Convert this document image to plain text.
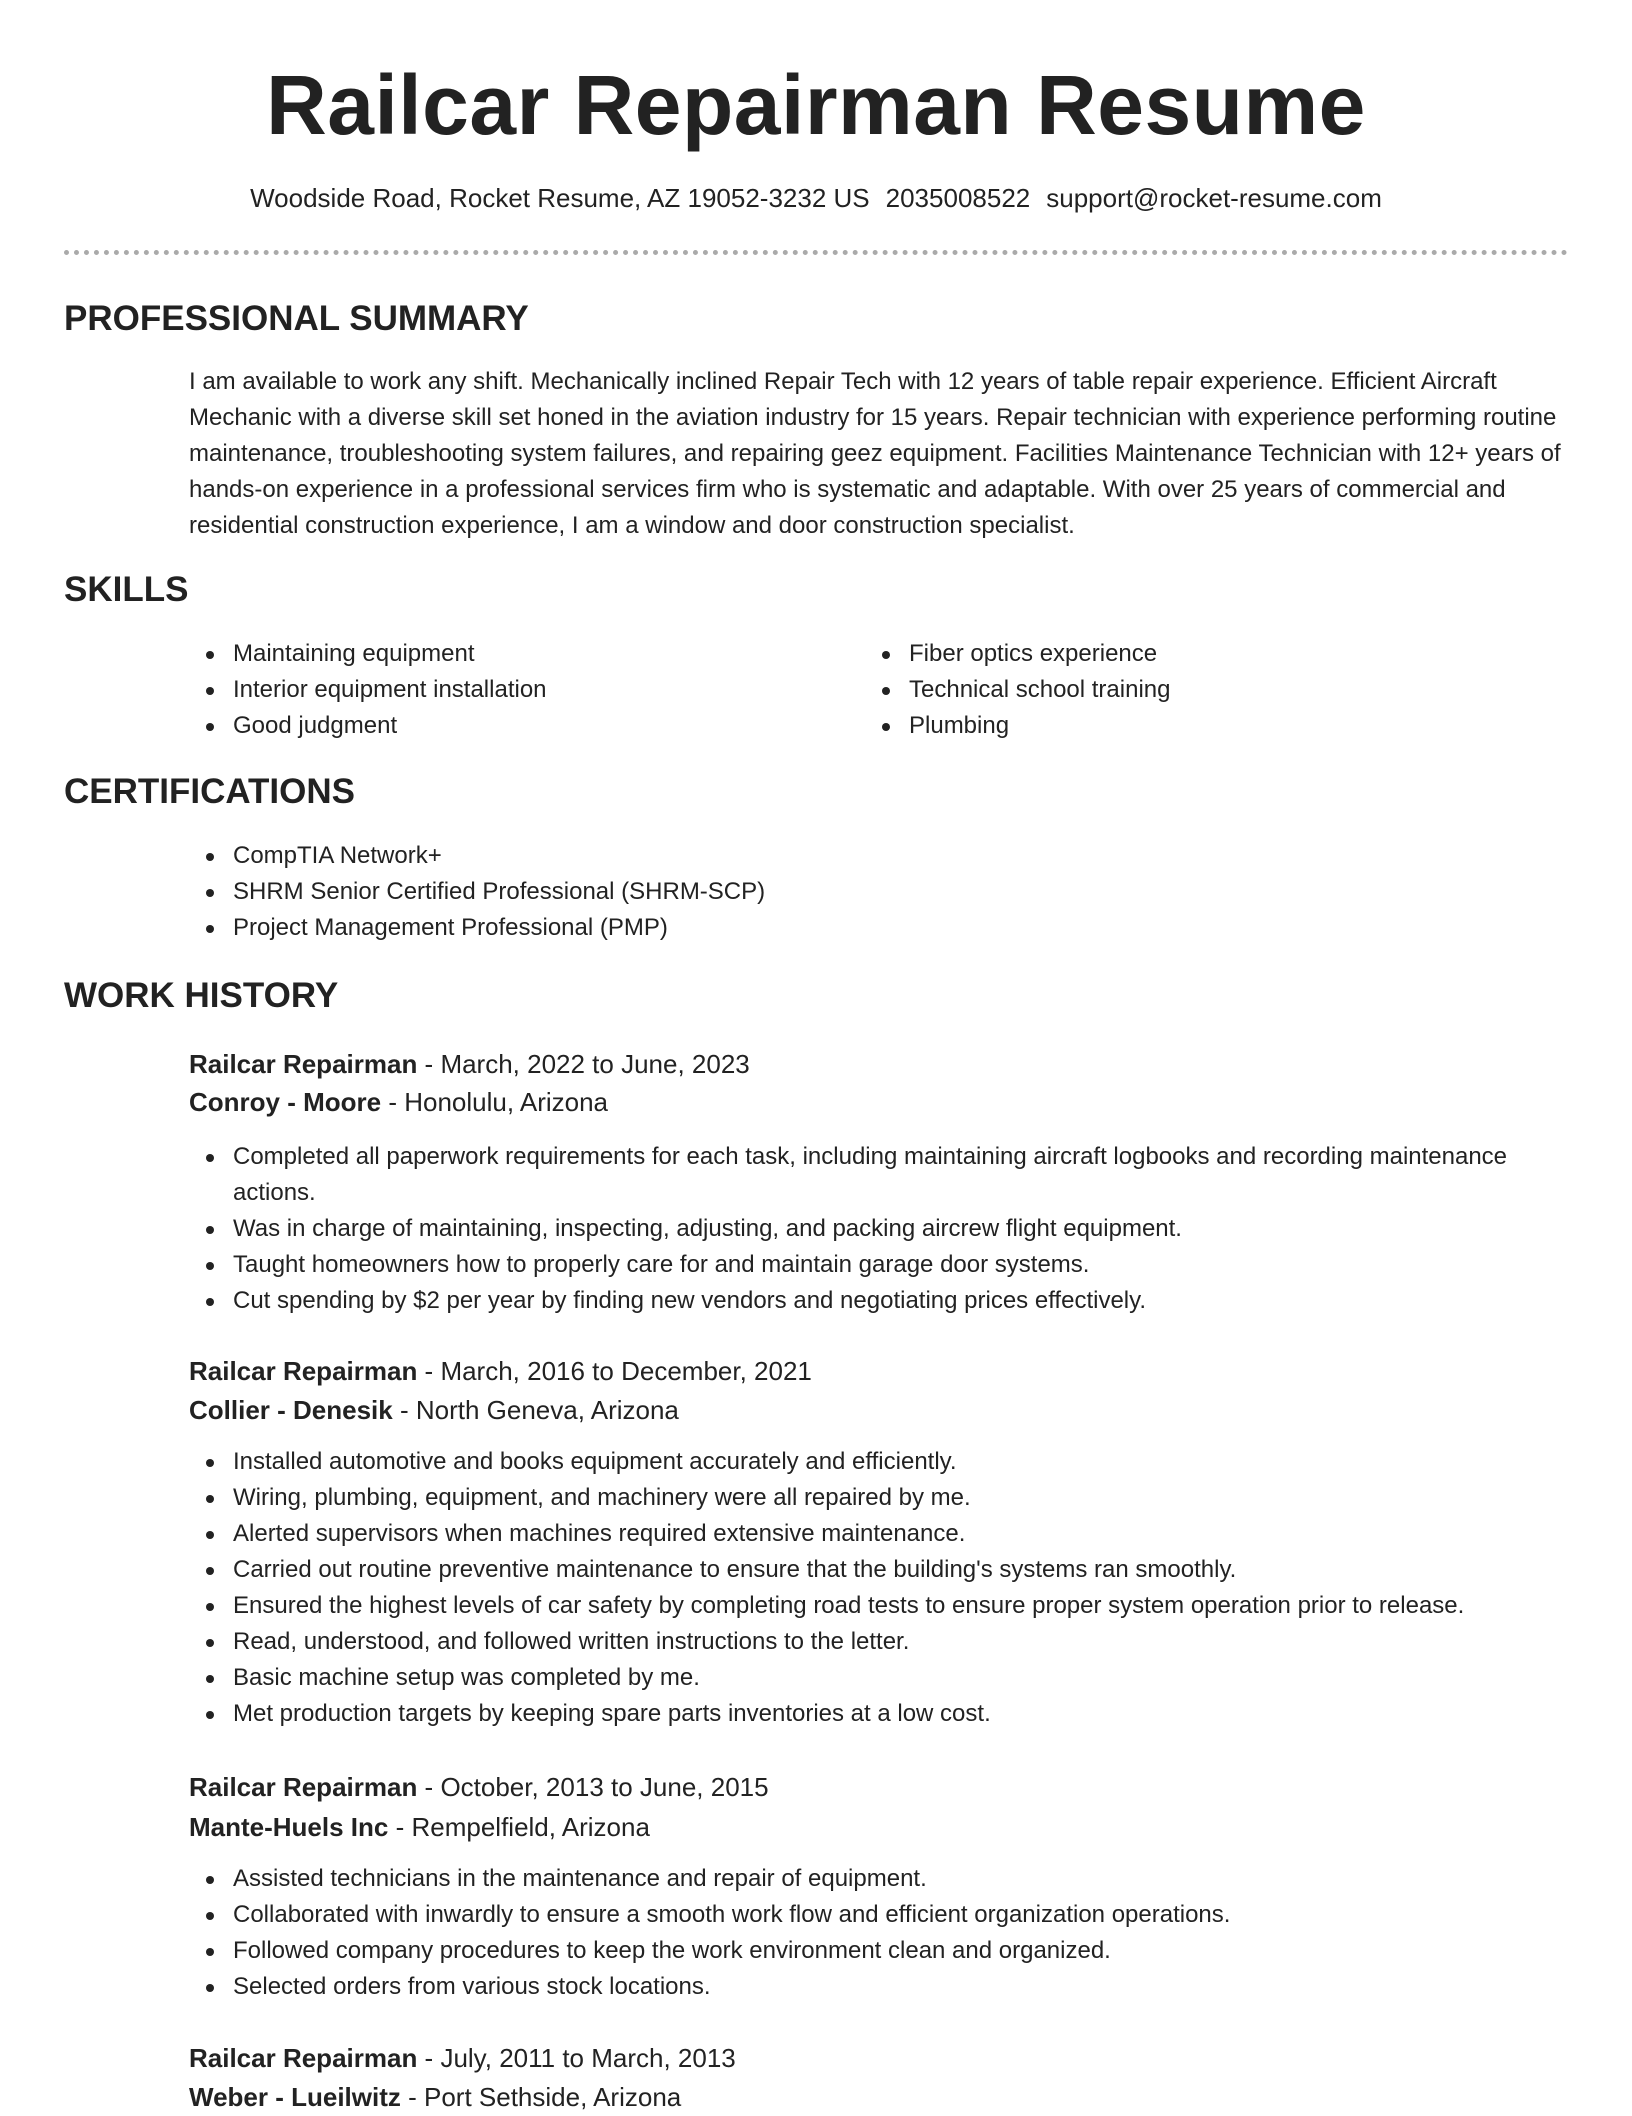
Railcar Repairman Resume
Woodside Road, Rocket Resume, AZ 19052-3232 US 2035008522 support@rocket-resume.com
PROFESSIONAL SUMMARY
I am available to work any shift. Mechanically inclined Repair Tech with 12 years of table repair experience. Efficient Aircraft Mechanic with a diverse skill set honed in the aviation industry for 15 years. Repair technician with experience performing routine maintenance, troubleshooting system failures, and repairing geez equipment. Facilities Maintenance Technician with 12+ years of hands-on experience in a professional services firm who is systematic and adaptable. With over 25 years of commercial and residential construction experience, I am a window and door construction specialist.
SKILLS
Maintaining equipment
Interior equipment installation
Good judgment
Fiber optics experience
Technical school training
Plumbing
CERTIFICATIONS
CompTIA Network+
SHRM Senior Certified Professional (SHRM-SCP)
Project Management Professional (PMP)
WORK HISTORY
Railcar Repairman - March, 2022 to June, 2023
Conroy - Moore - Honolulu, Arizona
Completed all paperwork requirements for each task, including maintaining aircraft logbooks and recording maintenance actions.
Was in charge of maintaining, inspecting, adjusting, and packing aircrew flight equipment.
Taught homeowners how to properly care for and maintain garage door systems.
Cut spending by $2 per year by finding new vendors and negotiating prices effectively.
Railcar Repairman - March, 2016 to December, 2021
Collier - Denesik - North Geneva, Arizona
Installed automotive and books equipment accurately and efficiently.
Wiring, plumbing, equipment, and machinery were all repaired by me.
Alerted supervisors when machines required extensive maintenance.
Carried out routine preventive maintenance to ensure that the building's systems ran smoothly.
Ensured the highest levels of car safety by completing road tests to ensure proper system operation prior to release.
Read, understood, and followed written instructions to the letter.
Basic machine setup was completed by me.
Met production targets by keeping spare parts inventories at a low cost.
Railcar Repairman - October, 2013 to June, 2015
Mante-Huels Inc - Rempelfield, Arizona
Assisted technicians in the maintenance and repair of equipment.
Collaborated with inwardly to ensure a smooth work flow and efficient organization operations.
Followed company procedures to keep the work environment clean and organized.
Selected orders from various stock locations.
Railcar Repairman - July, 2011 to March, 2013
Weber - Lueilwitz - Port Sethside, Arizona
